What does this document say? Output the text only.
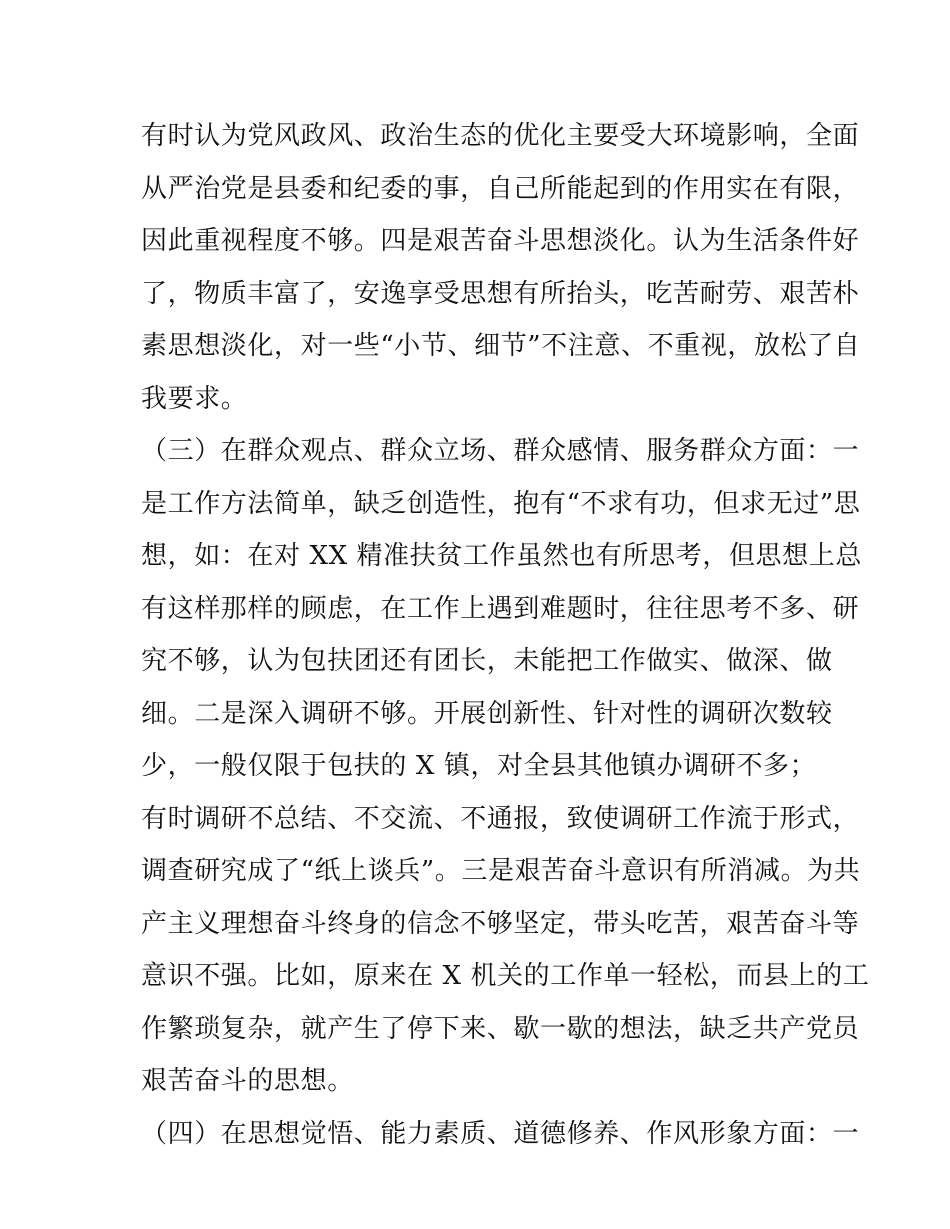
有时认为党风政风、政治生态的优化主要受大环境影响，全面
从严治党是县委和纪委的事，自己所能起到的作用实在有限，
因此重视程度不够。四是艰苦奋斗思想淡化。认为生活条件好
了，物质丰富了，安逸享受思想有所抬头，吃苦耐劳、艰苦朴
素思想淡化，对一些“小节、细节”不注意、不重视，放松了自
我要求。
（三）在群众观点、群众立场、群众感情、服务群众方面：一
是工作方法简单，缺乏创造性，抱有“不求有功，但求无过”思
想，如：在对 XX 精准扶贫工作虽然也有所思考，但思想上总
有这样那样的顾虑，在工作上遇到难题时，往往思考不多、研
究不够，认为包扶团还有团长，未能把工作做实、做深、做
细。二是深入调研不够。开展创新性、针对性的调研次数较
少，一般仅限于包扶的 X 镇，对全县其他镇办调研不多；
有时调研不总结、不交流、不通报，致使调研工作流于形式，
调查研究成了“纸上谈兵”。三是艰苦奋斗意识有所消减。为共
产主义理想奋斗终身的信念不够坚定，带头吃苦，艰苦奋斗等
意识不强。比如，原来在 X 机关的工作单一轻松，而县上的工
作繁琐复杂，就产生了停下来、歇一歇的想法，缺乏共产党员
艰苦奋斗的思想。
（四）在思想觉悟、能力素质、道德修养、作风形象方面：一
